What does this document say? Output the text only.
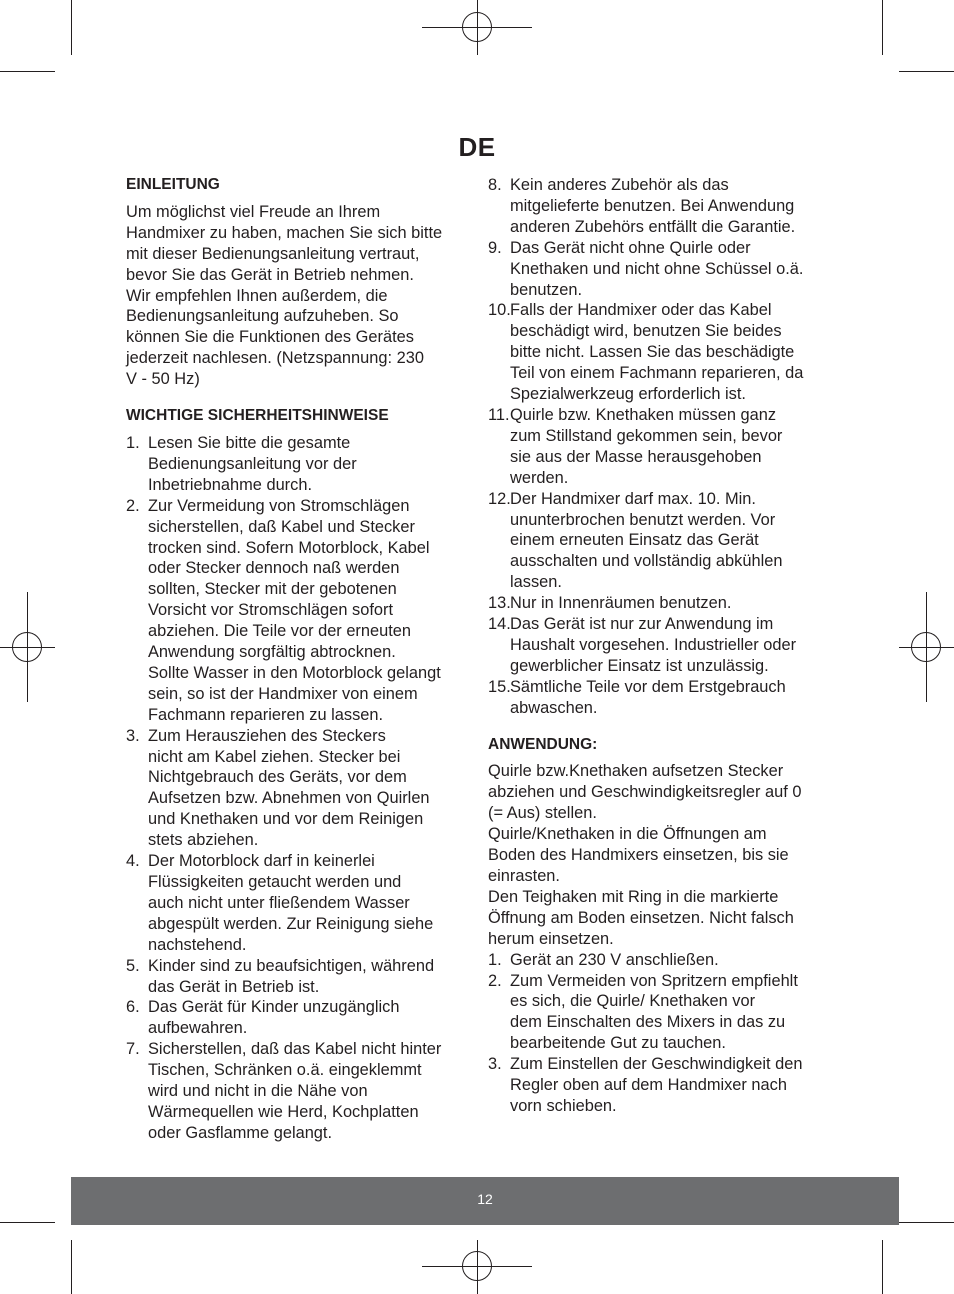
DE
EINLEITUNG

Um möglichst viel Freude an Ihrem
Handmixer zu haben, machen Sie sich bitte
mit dieser Bedienungsanleitung vertraut,
bevor Sie das Gerät in Betrieb nehmen.
Wir empfehlen Ihnen außerdem, die
Bedienungsanleitung aufzuheben. So
können Sie die Funktionen des Gerätes
jederzeit nachlesen. (Netzspannung: 230
V - 50 Hz)

WICHTIGE SICHERHEITSHINWEISE
1. Lesen Sie bitte die gesamte
Bedienungsanleitung vor der
Inbetriebnahme durch.
2. Zur Vermeidung von Stromschlägen
sicherstellen, daß Kabel und Stecker
trocken sind. Sofern Motorblock, Kabel
oder Stecker dennoch naß werden
sollten, Stecker mit der gebotenen
Vorsicht vor Stromschlägen sofort
abziehen. Die Teile vor der erneuten
Anwendung sorgfältig abtrocknen.
Sollte Wasser in den Motorblock gelangt
sein, so ist der Handmixer von einem
Fachmann reparieren zu lassen.
3. Zum Herausziehen des Steckers
nicht am Kabel ziehen. Stecker bei
Nichtgebrauch des Geräts, vor dem
Aufsetzen bzw. Abnehmen von Quirlen
und Knethaken und vor dem Reinigen
stets abziehen.
4. Der Motorblock darf in keinerlei
Flüssigkeiten getaucht werden und
auch nicht unter fließendem Wasser
abgespült werden. Zur Reinigung siehe
nachstehend.
5. Kinder sind zu beaufsichtigen, während
das Gerät in Betrieb ist.
6. Das Gerät für Kinder unzugänglich
aufbewahren.
7. Sicherstellen, daß das Kabel nicht hinter
Tischen, Schränken o.ä. eingeklemmt
wird und nicht in die Nähe von
Wärmequellen wie Herd, Kochplatten
oder Gasflamme gelangt.
8. Kein anderes Zubehör als das
mitgelieferte benutzen. Bei Anwendung
anderen Zubehörs entfällt die Garantie.
9. Das Gerät nicht ohne Quirle oder
Knethaken und nicht ohne Schüssel o.ä.
benutzen.
10. Falls der Handmixer oder das Kabel
beschädigt wird, benutzen Sie beides
bitte nicht. Lassen Sie das beschädigte
Teil von einem Fachmann reparieren, da
Spezialwerkzeug erforderlich ist.
11. Quirle bzw. Knethaken müssen ganz
zum Stillstand gekommen sein, bevor
sie aus der Masse herausgehoben
werden.
12. Der Handmixer darf max. 10. Min.
ununterbrochen benutzt werden. Vor
einem erneuten Einsatz das Gerät
ausschalten und vollständig abkühlen
lassen.
13. Nur in Innenräumen benutzen.
14. Das Gerät ist nur zur Anwendung im
Haushalt vorgesehen. Industrieller oder
gewerblicher Einsatz ist unzulässig.
15. Sämtliche Teile vor dem Erstgebrauch
abwaschen.
ANWENDUNG:

Quirle bzw.Knethaken aufsetzen Stecker
abziehen und Geschwindigkeitsregler auf 0
(= Aus) stellen.
Quirle/Knethaken in die Öffnungen am
Boden des Handmixers einsetzen, bis sie
einrasten.
Den Teighaken mit Ring in die markierte
Öffnung am Boden einsetzen. Nicht falsch
herum einsetzen.

1. Gerät an 230 V anschließen.
2. Zum Vermeiden von Spritzern empfiehlt
es sich, die Quirle/ Knethaken vor
dem Einschalten des Mixers in das zu
bearbeitende Gut zu tauchen.
3. Zum Einstellen der Geschwindigkeit den
Regler oben auf dem Handmixer nach
vorn schieben.
12
